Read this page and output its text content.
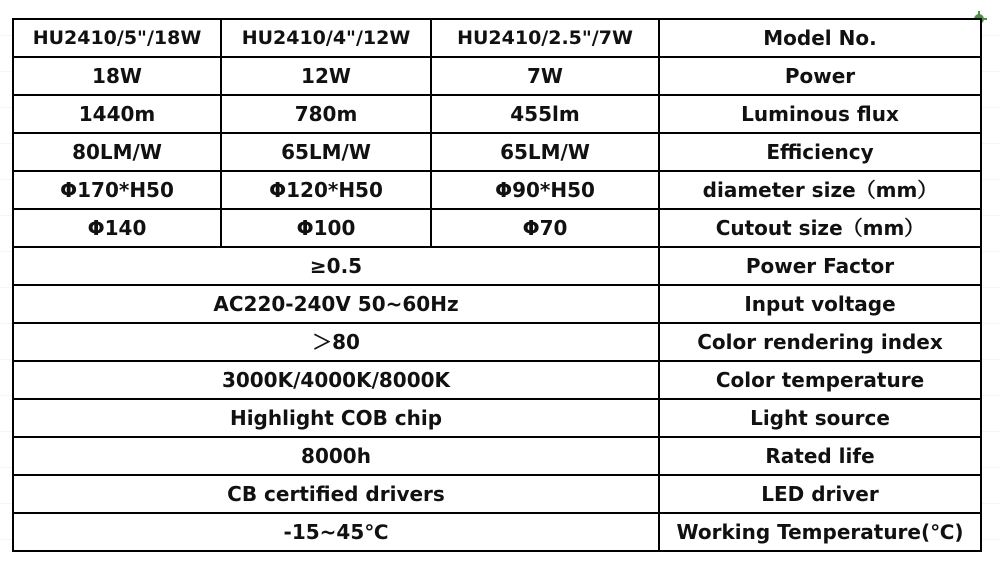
HU2410/5"/18W	HU2410/4"/12W	HU2410/2.5"/7W	Model No.
18W	12W	7W	Power
1440m	780m	455lm	Luminous flux
80LM/W	65LM/W	65LM/W	Efficiency
Φ170*H50	Φ120*H50	Φ90*H50	diameter size（mm）
Φ140	Φ100	Φ70	Cutout size（mm）
≥0.5			Power Factor
AC220-240V 50~60Hz			Input voltage
＞80			Color rendering index
3000K/4000K/8000K			Color temperature
Highlight COB chip			Light source
8000h			Rated life
CB certified drivers			LED driver
-15~45℃			Working Temperature(℃)
